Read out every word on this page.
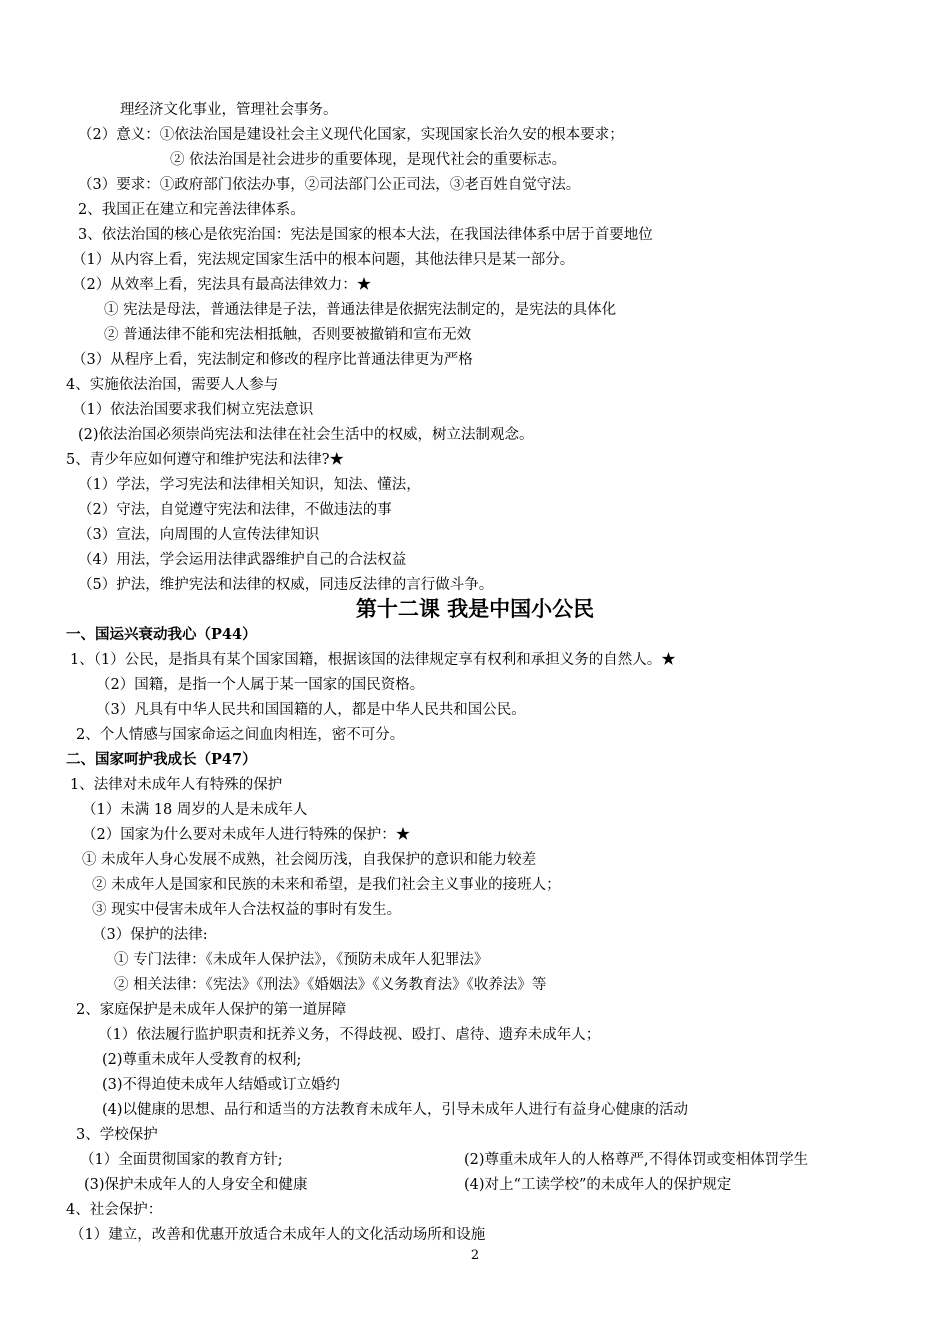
理经济文化事业，管理社会事务。
（2）意义：①依法治国是建设社会主义现代化国家，实现国家长治久安的根本要求；
② 依法治国是社会进步的重要体现，是现代社会的重要标志。
（3）要求：①政府部门依法办事，②司法部门公正司法，③老百姓自觉守法。
2、我国正在建立和完善法律体系。
3、依法治国的核心是依宪治国：宪法是国家的根本大法，在我国法律体系中居于首要地位
（1）从内容上看，宪法规定国家生活中的根本问题，其他法律只是某一部分。
（2）从效率上看，宪法具有最高法律效力：★
① 宪法是母法，普通法律是子法，普通法律是依据宪法制定的，是宪法的具体化
② 普通法律不能和宪法相抵触，否则要被撤销和宣布无效
（3）从程序上看，宪法制定和修改的程序比普通法律更为严格
4、实施依法治国，需要人人参与
（1）依法治国要求我们树立宪法意识
(2)依法治国必须崇尚宪法和法律在社会生活中的权威，树立法制观念。
5、青少年应如何遵守和维护宪法和法律?★
（1）学法，学习宪法和法律相关知识，知法、懂法，
（2）守法，自觉遵守宪法和法律，不做违法的事
（3）宣法，向周围的人宣传法律知识
（4）用法，学会运用法律武器维护自己的合法权益
（5）护法，维护宪法和法律的权威，同违反法律的言行做斗争。
第十二课 我是中国小公民
一、国运兴衰动我心（P44）
1、（1）公民，是指具有某个国家国籍，根据该国的法律规定享有权利和承担义务的自然人。★
（2）国籍，是指一个人属于某一国家的国民资格。
（3）凡具有中华人民共和国国籍的人，都是中华人民共和国公民。
2、个人情感与国家命运之间血肉相连，密不可分。
二、国家呵护我成长（P47）
1、法律对未成年人有特殊的保护
（1）未满 18 周岁的人是未成年人
（2）国家为什么要对未成年人进行特殊的保护：★
① 未成年人身心发展不成熟，社会阅历浅，自我保护的意识和能力较差
② 未成年人是国家和民族的未来和希望，是我们社会主义事业的接班人；
③ 现实中侵害未成年人合法权益的事时有发生。
（3）保护的法律:
① 专门法律：《未成年人保护法》，《预防未成年人犯罪法》
② 相关法律：《宪法》《刑法》《婚姻法》《义务教育法》《收养法》等
2、家庭保护是未成年人保护的第一道屏障
（1）依法履行监护职责和抚养义务，不得歧视、殴打、虐待、遗弃未成年人；
(2)尊重未成年人受教育的权利;
(3)不得迫使未成年人结婚或订立婚约
(4)以健康的思想、品行和适当的方法教育未成年人，引导未成年人进行有益身心健康的活动
3、学校保护
（1）全面贯彻国家的教育方针;	(2)尊重未成年人的人格尊严,不得体罚或变相体罚学生
(3)保护未成年人的人身安全和健康	(4)对上“工读学校”的未成年人的保护规定
4、社会保护：
（1）建立，改善和优惠开放适合未成年人的文化活动场所和设施
2
